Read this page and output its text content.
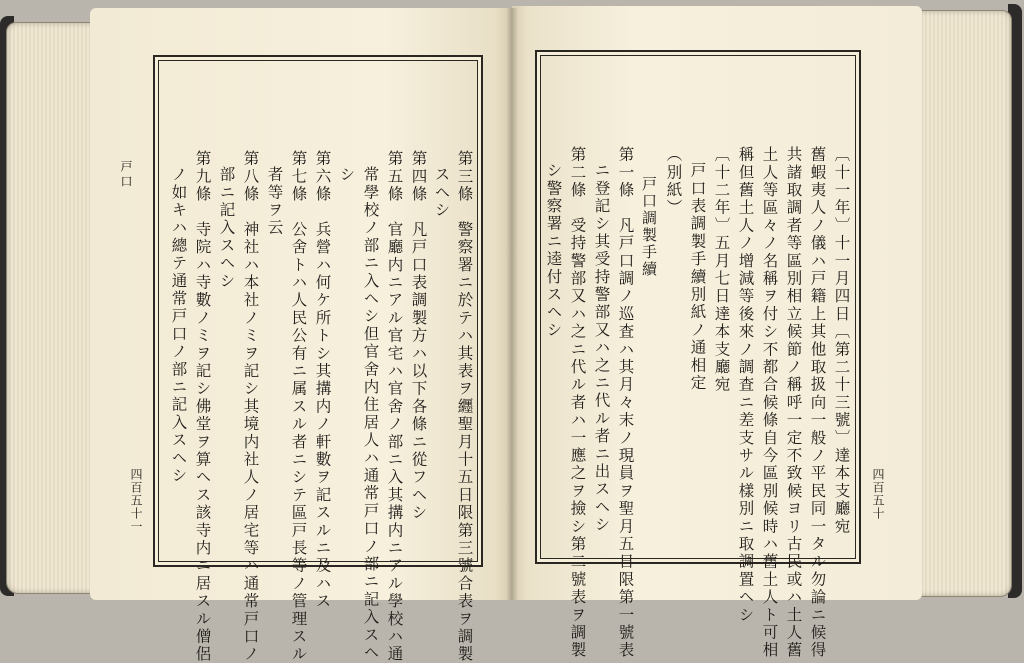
戸口
四百五十一	第三條　警察署ニ於テハ其表ヲ纒聖月十五日限第三號合表ヲ調製
スヘシ
第四條　凡戸口表調製方ハ以下各條ニ從フヘシ
第五條　官廳内ニアル官宅ハ官舍ノ部ニ入其搆内ニアル學校ハ通
常學校ノ部ニ入ヘシ但官舍内住居人ハ通常戸口ノ部ニ記入スヘ
シ
第六條　兵營ハ何ケ所トシ其搆内ノ軒數ヲ記スルニ及ハス
第七條　公舍トハ人民公有ニ属スル者ニシテ區戸長等ノ管理スル
者等ヲ云
第八條　神社ハ本社ノミヲ記シ其境内社人ノ居宅等ハ通常戸口ノ
部ニ記入スヘシ
第九條　寺院ハ寺數ノミヲ記シ佛堂ヲ算ヘス該寺内ニ居スル僧侶
ノ如キハ總テ通常戸口ノ部ニ記入スヘシ
四百五十
〔十一年〕十一月四日〔第二十三號〕達本支廳宛
舊蝦夷人ノ儀ハ戸籍上其他取扱向一般ノ平民同一タル勿論ニ候得
共諸取調者等區別相立候節ノ稱呼一定不致候ヨリ古民或ハ土人舊
土人等區々ノ名稱ヲ付シ不都合候條自今區別候時ハ舊土人ト可相
稱但舊土人ノ增減等後來ノ調査ニ差支サル樣別ニ取調置ヘシ
〔十二年〕五月七日達本支廳宛
戸口表調製手續別紙ノ通相定
（別紙）
戸口調製手續
第一條　凡戸口調ノ巡査ハ其月々末ノ現員ヲ聖月五日限第一號表
ニ登記シ其受持警部又ハ之ニ代ル者ニ出スヘシ
第二條　受持警部又ハ之ニ代ル者ハ一應之ヲ撿シ第二號表ヲ調製
シ警察署ニ逵付スヘシ
